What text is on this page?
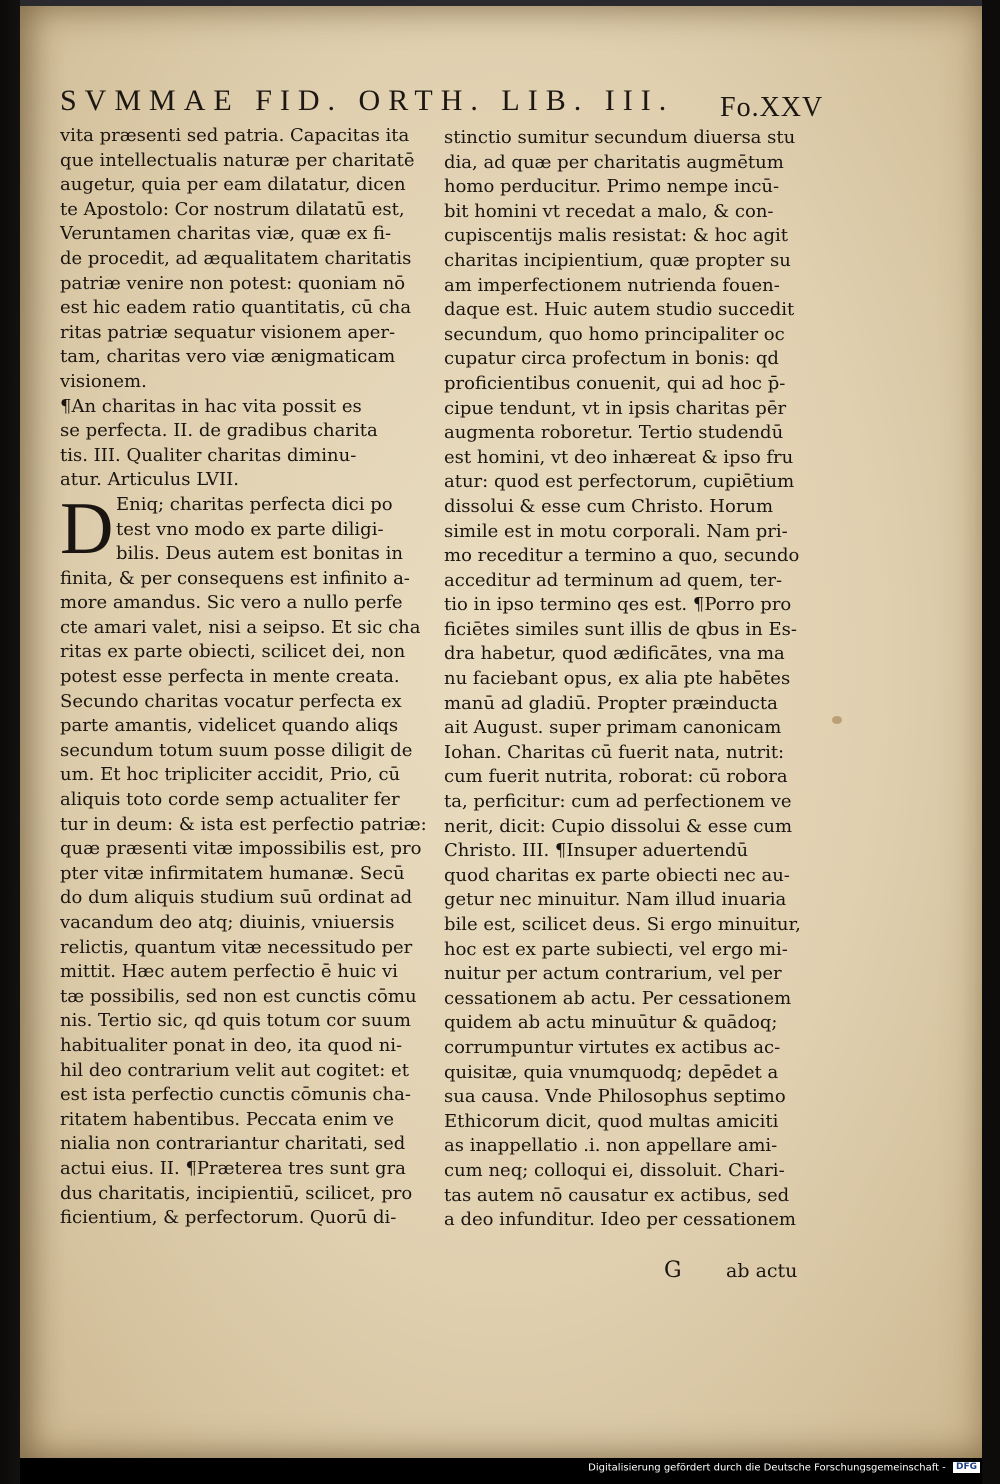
SVMMAE FID. ORTH. LIB. III.	Fo.XXV
vita præsenti sed patria. Capacitas ita
que intellectualis naturæ per charitatē
augetur, quia per eam dilatatur, dicen
te Apostolo: Cor nostrum dilatatū est,
Veruntamen charitas viæ, quæ ex fi-
de procedit, ad æqualitatem charitatis
patriæ venire non potest: quoniam nō
est hic eadem ratio quantitatis, cū cha
ritas patriæ sequatur visionem aper-
tam, charitas vero viæ ænigmaticam
visionem.
¶An charitas in hac vita possit es
se perfecta. II. de gradibus charita
tis. III. Qualiter charitas diminu-
atur. Articulus LVII.
Eniq; charitas perfecta dici po
test vno modo ex parte diligi-
bilis. Deus autem est bonitas in
finita, & per consequens est infinito a-
more amandus. Sic vero a nullo perfe
cte amari valet, nisi a seipso. Et sic cha
ritas ex parte obiecti, scilicet dei, non
potest esse perfecta in mente creata.
Secundo charitas vocatur perfecta ex
parte amantis, videlicet quando aliqs
secundum totum suum posse diligit de
um. Et hoc tripliciter accidit, Prio, cū
aliquis toto corde semp actualiter fer
tur in deum: & ista est perfectio patriæ:
quæ præsenti vitæ impossibilis est, pro
pter vitæ infirmitatem humanæ. Secū
do dum aliquis studium suū ordinat ad
vacandum deo atq; diuinis, vniuersis
relictis, quantum vitæ necessitudo per
mittit. Hæc autem perfectio ē huic vi
tæ possibilis, sed non est cunctis cōmu
nis. Tertio sic, qd quis totum cor suum
habitualiter ponat in deo, ita quod ni-
hil deo contrarium velit aut cogitet: et
est ista perfectio cunctis cōmunis cha-
ritatem habentibus. Peccata enim ve
nialia non contrariantur charitati, sed
actui eius. II. ¶Præterea tres sunt gra
dus charitatis, incipientiū, scilicet, pro
ficientium, & perfectorum. Quorū di-
D
stinctio sumitur secundum diuersa stu
dia, ad quæ per charitatis augmētum
homo perducitur. Primo nempe incū-
bit homini vt recedat a malo, & con-
cupiscentijs malis resistat: & hoc agit
charitas incipientium, quæ propter su
am imperfectionem nutrienda fouen-
daque est. Huic autem studio succedit
secundum, quo homo principaliter oc
cupatur circa profectum in bonis: qd
proficientibus conuenit, qui ad hoc p̄-
cipue tendunt, vt in ipsis charitas pēr
augmenta roboretur. Tertio studendū
est homini, vt deo inhæreat & ipso fru
atur: quod est perfectorum, cupiētium
dissolui & esse cum Christo. Horum
simile est in motu corporali. Nam pri-
mo receditur a termino a quo, secundo
acceditur ad terminum ad quem, ter-
tio in ipso termino qes est. ¶Porro pro
ficiētes similes sunt illis de qbus in Es-
dra habetur, quod ædificātes, vna ma
nu faciebant opus, ex alia pte habētes
manū ad gladiū. Propter præinducta
ait August. super primam canonicam
Iohan. Charitas cū fuerit nata, nutrit:
cum fuerit nutrita, roborat: cū robora
ta, perficitur: cum ad perfectionem ve
nerit, dicit: Cupio dissolui & esse cum
Christo. III. ¶Insuper aduertendū
quod charitas ex parte obiecti nec au-
getur nec minuitur. Nam illud inuaria
bile est, scilicet deus. Si ergo minuitur,
hoc est ex parte subiecti, vel ergo mi-
nuitur per actum contrarium, vel per
cessationem ab actu. Per cessationem
quidem ab actu minuūtur & quādoq;
corrumpuntur virtutes ex actibus ac-
quisitæ, quia vnumquodq; depēdet a
sua causa. Vnde Philosophus septimo
Ethicorum dicit, quod multas amiciti
as inappellatio .i. non appellare ami-
cum neq; colloqui ei, dissoluit. Chari-
tas autem nō causatur ex actibus, sed
a deo infunditur. Ideo per cessationem
G ab actu
Digitalisierung gefördert durch die Deutsche Forschungsgemeinschaft - DFG
